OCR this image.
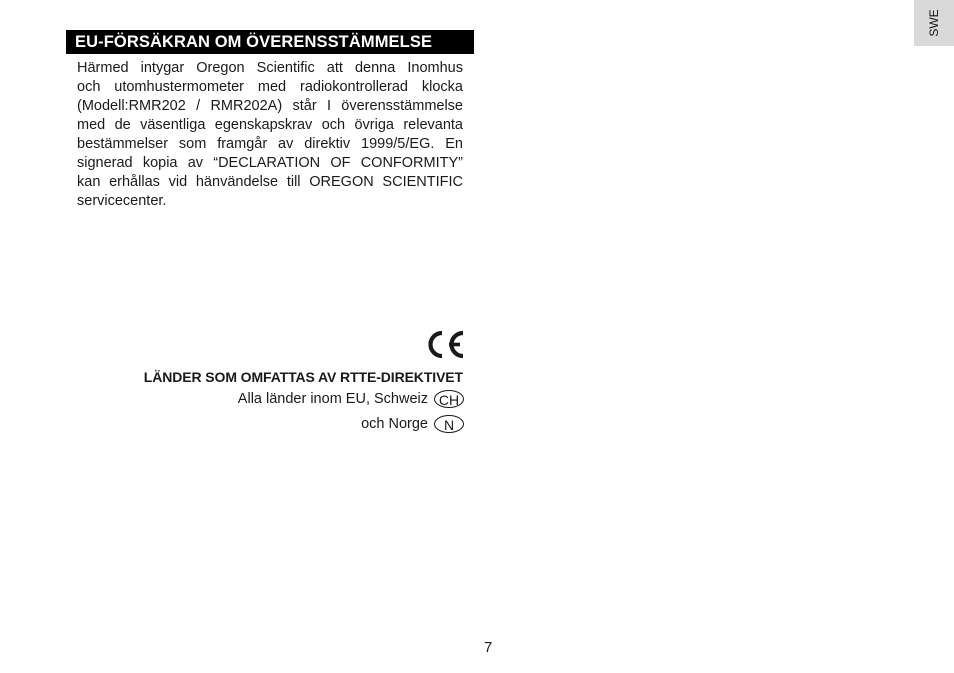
SWE
EU-FÖRSÄKRAN OM ÖVERENSSTÄMMELSE

Härmed intygar Oregon Scientific att denna Inomhus
och utomhustermometer med radiokontrollerad klocka
(Modell:RMR202 / RMR202A) står I överensstämmelse
med de väsentliga egenskapskrav och övriga relevanta
bestämmelser som framgår av direktiv 1999/5/EG. En
signerad kopia av “DECLARATION OF CONFORMITY”
kan erhållas vid hänvändelse till OREGON SCIENTIFIC
servicecenter.

LÄNDER SOM OMFATTAS AV RTTE-DIREKTIVET
Alla länder inom EU, Schweiz CH
och Norge	N
7
